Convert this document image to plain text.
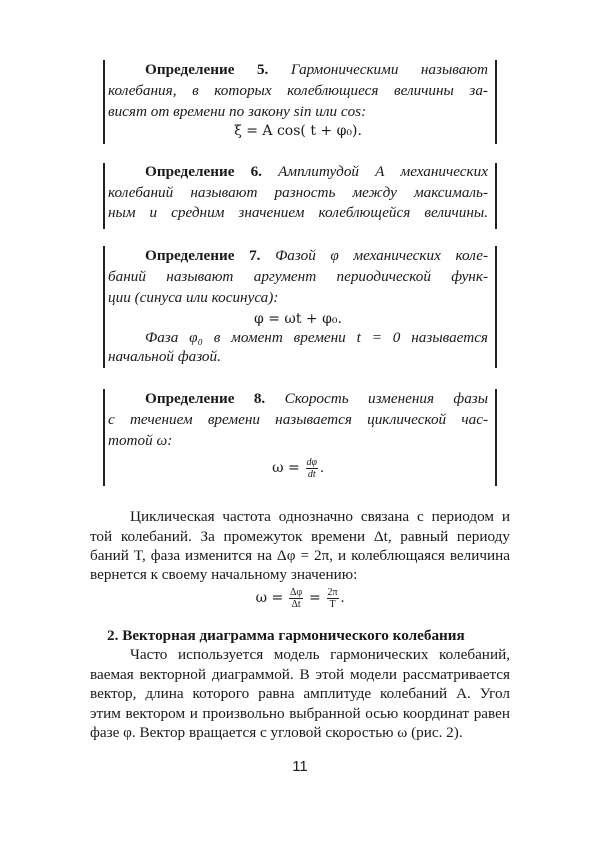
Определение 5. Гармоническими называют
колебания, в которых колеблющиеся величины за-
висят от времени по закону sin или cos:
ξ = A cos( t + φ₀).
Определение 6. Амплитудой А механических
колебаний называют разность между максималь-
ным и средним значением колеблющейся величины.
Определение 7. Фазой φ механических коле-
баний называют аргумент периодической функ-
ции (синуса или косинуса):
φ = ωt + φ₀.
Фаза φ₀ в момент времени t = 0 называется
начальной фазой.
Определение 8. Скорость изменения фазы
с течением времени называется циклической час-
тотой ω:
Циклическая частота однозначно связана с периодом и
той колебаний. За промежуток времени Δt, равный периоду
баний T, фаза изменится на Δφ = 2π, и колеблющаяся величина
вернется к своему начальному значению:
Часто используется модель гармонических колебаний,
ваемая векторной диаграммой. В этой модели рассматривается
вектор, длина которого равна амплитуде колебаний А. Угол
этим вектором и произвольно выбранной осью координат равен
фазе φ. Вектор вращается с угловой скоростью ω (рис. 2).
$\omega = \frac{d\varphi}{dt}$ .
$\omega = \frac{\Delta\varphi}{\Delta t} = \frac{2\pi}{T}$ .
2. Векторная диаграмма гармонического колебания
11
